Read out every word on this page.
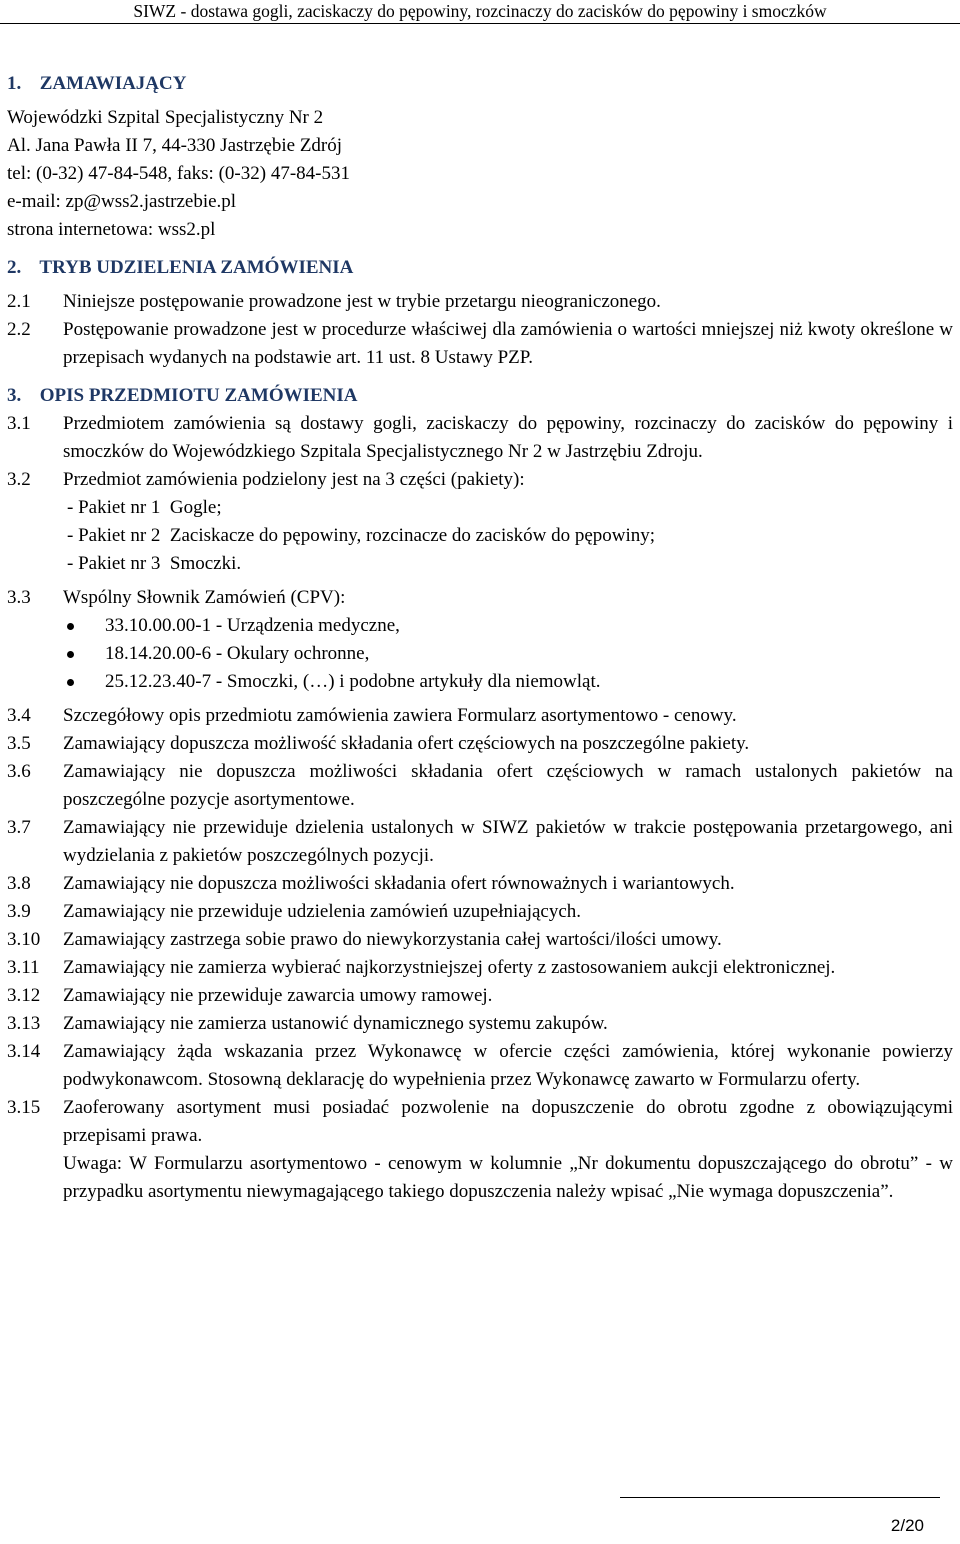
SIWZ - dostawa gogli, zaciskaczy do pępowiny, rozcinaczy do zacisków do pępowiny i smoczków
1. ZAMAWIAJĄCY
Wojewódzki Szpital Specjalistyczny Nr 2
Al. Jana Pawła II 7, 44-330 Jastrzębie Zdrój
tel: (0-32) 47-84-548, faks: (0-32) 47-84-531
e-mail: zp@wss2.jastrzebie.pl
strona internetowa: wss2.pl
2. TRYB UDZIELENIA ZAMÓWIENIA
2.1	Niniejsze postępowanie prowadzone jest w trybie przetargu nieograniczonego.
2.2	Postępowanie prowadzone jest w procedurze właściwej dla zamówienia o wartości mniejszej niż kwoty określone w przepisach wydanych na podstawie art. 11 ust. 8 Ustawy PZP.
3. OPIS PRZEDMIOTU ZAMÓWIENIA
3.1	Przedmiotem zamówienia są dostawy gogli, zaciskaczy do pępowiny, rozcinaczy do zacisków do pępowiny i smoczków do Wojewódzkiego Szpitala Specjalistycznego Nr 2 w Jastrzębiu Zdroju.
3.2	Przedmiot zamówienia podzielony jest na 3 części (pakiety):
- Pakiet nr 1  Gogle;
- Pakiet nr 2  Zaciskacze do pępowiny, rozcinacze do zacisków do pępowiny;
- Pakiet nr 3  Smoczki.
3.3	Wspólny Słownik Zamówień (CPV):
33.10.00.00-1 - Urządzenia medyczne,
18.14.20.00-6 - Okulary ochronne,
25.12.23.40-7 - Smoczki, (…) i podobne artykuły dla niemowląt.
3.4	Szczegółowy opis przedmiotu zamówienia zawiera Formularz asortymentowo - cenowy.
3.5	Zamawiający dopuszcza możliwość składania ofert częściowych na poszczególne pakiety.
3.6	Zamawiający nie dopuszcza możliwości składania ofert częściowych w ramach ustalonych pakietów na poszczególne pozycje asortymentowe.
3.7	Zamawiający nie przewiduje dzielenia ustalonych w SIWZ pakietów w trakcie postępowania przetargowego, ani wydzielania z pakietów poszczególnych pozycji.
3.8	Zamawiający nie dopuszcza możliwości składania ofert równoważnych i wariantowych.
3.9	Zamawiający nie przewiduje udzielenia zamówień uzupełniających.
3.10	Zamawiający zastrzega sobie prawo do niewykorzystania całej wartości/ilości umowy.
3.11	Zamawiający nie zamierza wybierać najkorzystniejszej oferty z zastosowaniem aukcji elektronicznej.
3.12	Zamawiający nie przewiduje zawarcia umowy ramowej.
3.13	Zamawiający nie zamierza ustanowić dynamicznego systemu zakupów.
3.14	Zamawiający żąda wskazania przez Wykonawcę w ofercie części zamówienia, której wykonanie powierzy podwykonawcom. Stosowną deklarację do wypełnienia przez Wykonawcę zawarto w Formularzu oferty.
3.15	Zaoferowany asortyment musi posiadać pozwolenie na dopuszczenie do obrotu zgodne z obowiązującymi przepisami prawa.
Uwaga: W Formularzu asortymentowo - cenowym w kolumnie „Nr dokumentu dopuszczającego do obrotu” - w przypadku asortymentu niewymagającego takiego dopuszczenia należy wpisać „Nie wymaga dopuszczenia”.
2/20
